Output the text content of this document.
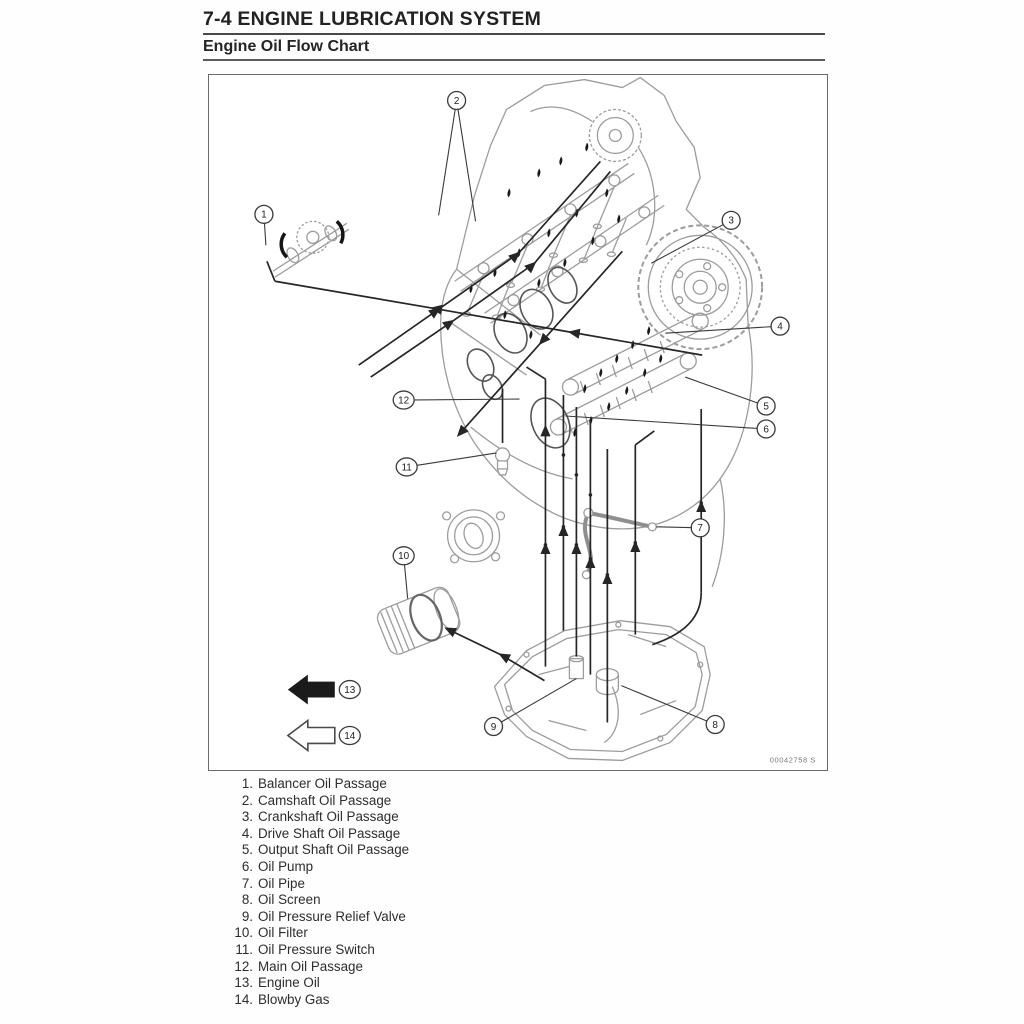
7-4 ENGINE LUBRICATION SYSTEM
Engine Oil Flow Chart
1
2
3
4
5
6
7
8
9
10
11
12
13
14
00042758 S
1. Balancer Oil Passage
2. Camshaft Oil Passage
3. Crankshaft Oil Passage
4. Drive Shaft Oil Passage
5. Output Shaft Oil Passage
6. Oil Pump
7. Oil Pipe
8. Oil Screen
9. Oil Pressure Relief Valve
10. Oil Filter
11. Oil Pressure Switch
12. Main Oil Passage
13. Engine Oil
14. Blowby Gas
